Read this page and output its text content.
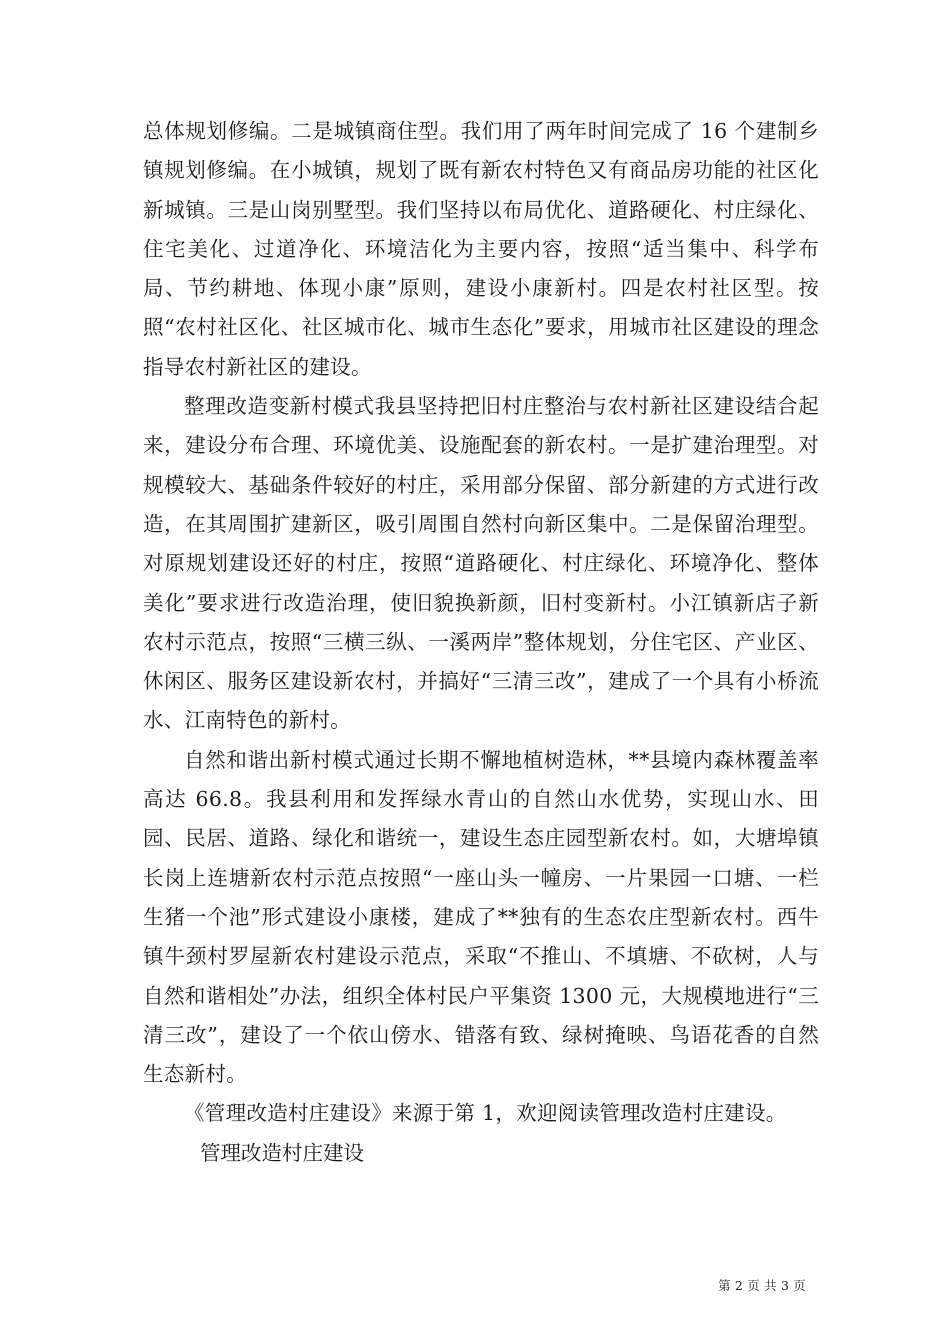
总体规划修编。二是城镇商住型。我们用了两年时间完成了 16 个建制乡镇规划修编。在小城镇，规划了既有新农村特色又有商品房功能的社区化新城镇。三是山岗别墅型。我们坚持以布局优化、道路硬化、村庄绿化、住宅美化、过道净化、环境洁化为主要内容，按照“适当集中、科学布局、节约耕地、体现小康”原则，建设小康新村。四是农村社区型。按照“农村社区化、社区城市化、城市生态化”要求，用城市社区建设的理念指导农村新社区的建设。

整理改造变新村模式我县坚持把旧村庄整治与农村新社区建设结合起来，建设分布合理、环境优美、设施配套的新农村。一是扩建治理型。对规模较大、基础条件较好的村庄，采用部分保留、部分新建的方式进行改造，在其周围扩建新区，吸引周围自然村向新区集中。二是保留治理型。对原规划建设还好的村庄，按照“道路硬化、村庄绿化、环境净化、整体美化”要求进行改造治理，使旧貌换新颜，旧村变新村。小江镇新店子新农村示范点，按照“三横三纵、一溪两岸”整体规划，分住宅区、产业区、休闲区、服务区建设新农村，并搞好“三清三改”，建成了一个具有小桥流水、江南特色的新村。

自然和谐出新村模式通过长期不懈地植树造林，**县境内森林覆盖率高达 66.8。我县利用和发挥绿水青山的自然山水优势，实现山水、田园、民居、道路、绿化和谐统一，建设生态庄园型新农村。如，大塘埠镇长岗上连塘新农村示范点按照“一座山头一幢房、一片果园一口塘、一栏生猪一个池”形式建设小康楼，建成了**独有的生态农庄型新农村。西牛镇牛颈村罗屋新农村建设示范点，采取“不推山、不填塘、不砍树，人与自然和谐相处”办法，组织全体村民户平集资 1300 元，大规模地进行“三清三改”，建设了一个依山傍水、错落有致、绿树掩映、鸟语花香的自然生态新村。

《管理改造村庄建设》来源于第 1，欢迎阅读管理改造村庄建设。

管理改造村庄建设

第 2 页 共 3 页
